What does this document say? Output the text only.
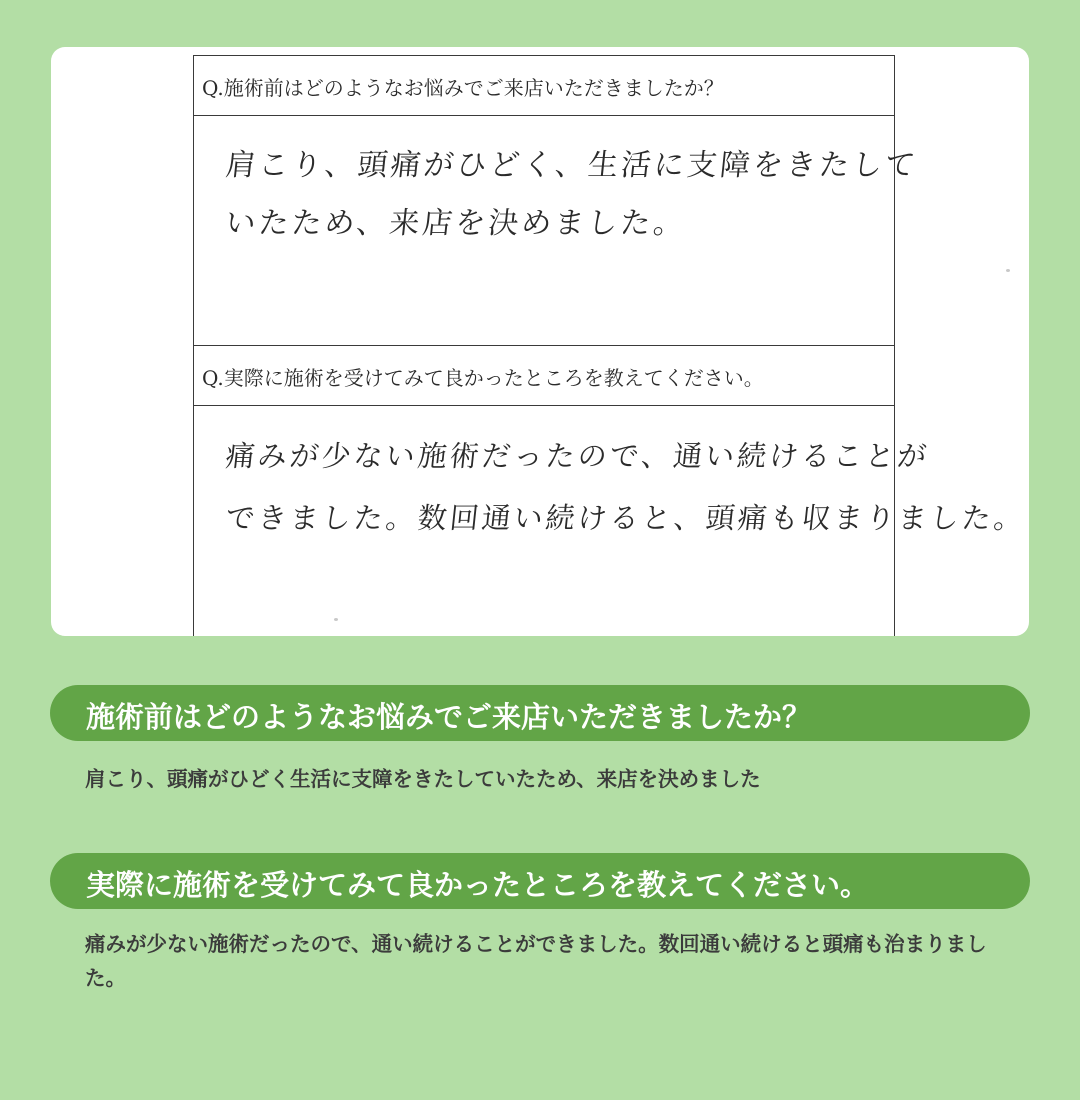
Q.施術前はどのようなお悩みでご来店いただきましたか？
肩こり、頭痛がひどく、生活に支障をきたして
いたため、来店を決めました。
Q.実際に施術を受けてみて良かったところを教えてください。
痛みが少ない施術だったので、通い続けることが
できました。数回通い続けると、頭痛も収まりました。
施術前はどのようなお悩みでご来店いただきましたか？
肩こり、頭痛がひどく生活に支障をきたしていたため、来店を決めました
実際に施術を受けてみて良かったところを教えてください。
痛みが少ない施術だったので、通い続けることができました。数回通い続けると頭痛も治まりました。
